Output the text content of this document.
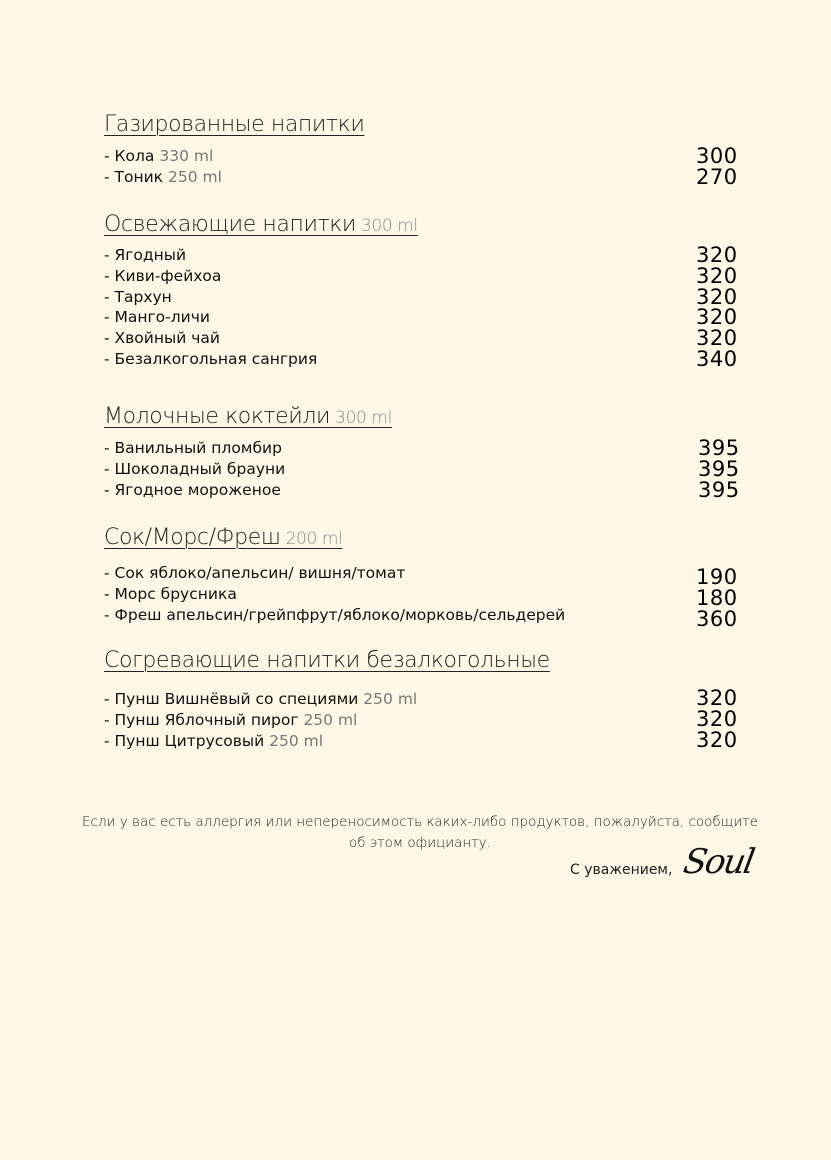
Газированные напитки
- Кола 330 ml
- Тоник 250 ml
300
270
Освежающие напитки 300 ml
- Ягодный
- Киви-фейхоа
- Тархун
- Манго-личи
- Хвойный чай
- Безалкогольная сангрия
320
320
320
320
320
340
Молочные коктейли 300 ml
- Ванильный пломбир
- Шоколадный брауни
- Ягодное мороженое
395
395
395
Сок/Морс/Фреш 200 ml
- Сок яблоко/апельсин/ вишня/томат
- Морс брусника
- Фреш апельсин/грейпфрут/яблоко/морковь/сельдерей
190
180
360
Согревающие напитки безалкогольные
- Пунш Вишнёвый со специями 250 ml
- Пунш Яблочный пирог 250 ml
- Пунш Цитрусовый 250 ml
320
320
320
Если у вас есть аллергия или непереносимость каких-либо продуктов, пожалуйста, сообщите об этом официанту.
С уважением, Soul
